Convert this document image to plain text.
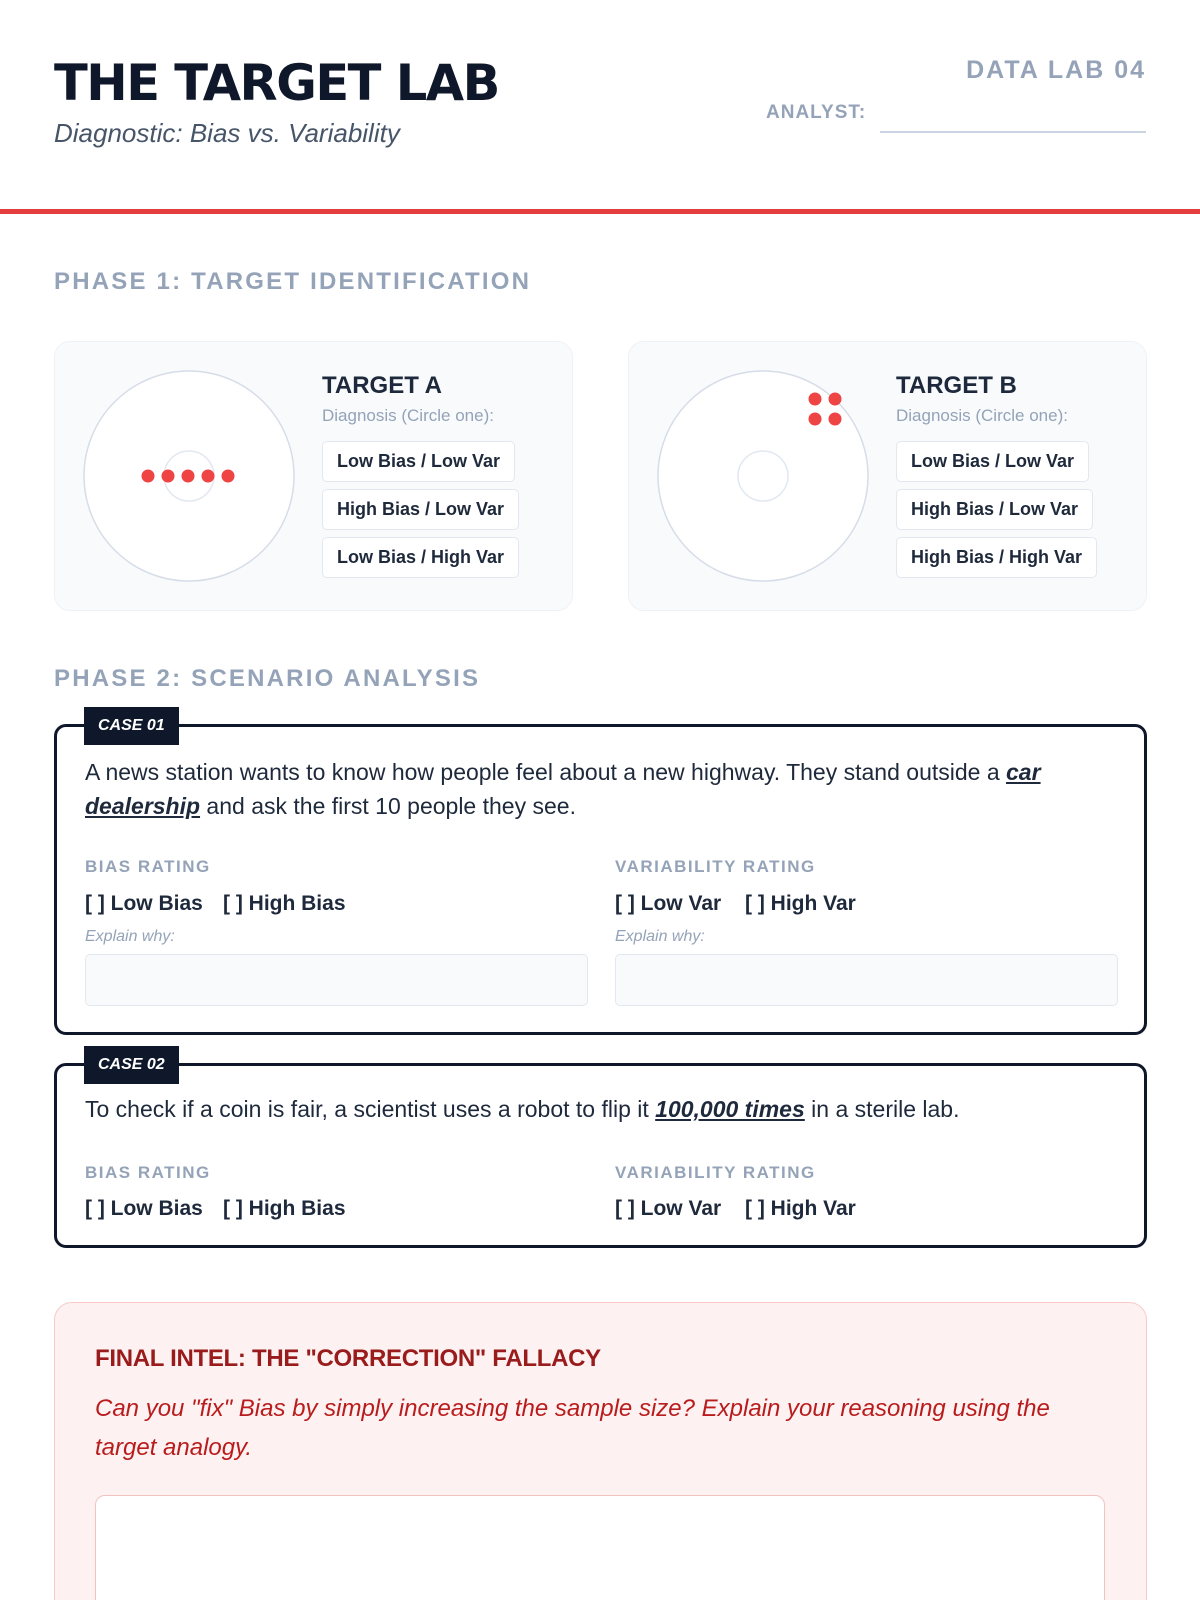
THE TARGET LAB
Diagnostic: Bias vs. Variability
DATA LAB 04
ANALYST:
PHASE 1: TARGET IDENTIFICATION
TARGET A
Diagnosis (Circle one):
Low Bias / Low Var
High Bias / Low Var
Low Bias / High Var
TARGET B
Diagnosis (Circle one):
Low Bias / Low Var
High Bias / Low Var
High Bias / High Var
PHASE 2: SCENARIO ANALYSIS
A news station wants to know how people feel about a new highway. They stand outside a car dealership and ask the first 10 people they see.
BIAS RATING
[ ] Low Bias [ ] High Bias
Explain why:
VARIABILITY RATING
[ ] Low Var [ ] High Var
Explain why:
CASE 01
To check if a coin is fair, a scientist uses a robot to flip it 100,000 times in a sterile lab.
BIAS RATING
[ ] Low Bias [ ] High Bias
VARIABILITY RATING
[ ] Low Var [ ] High Var
CASE 02
FINAL INTEL: THE "CORRECTION" FALLACY
Can you "fix" Bias by simply increasing the sample size? Explain your reasoning using the target analogy.
